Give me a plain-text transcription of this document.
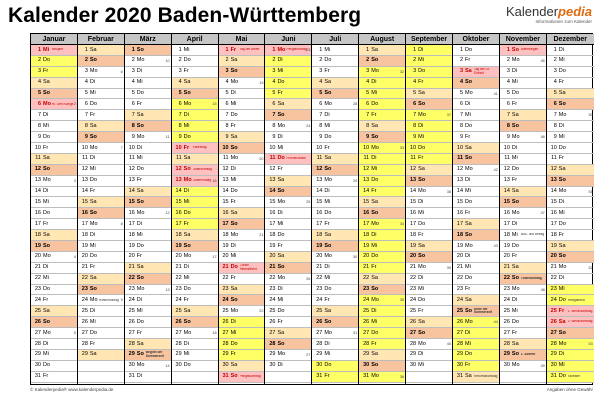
Kalender 2020 Baden-Württemberg	Kalenderpedia
Informationen zum Kalender
Januar
1 Mi Neujahr
2 Do
3 Fr
4 Sa
5 So
6 Mo Hl. Drei Könige 2
7 Di
8 Mi
9 Do
10 Fr
11 Sa
12 So
13 Mo	3
14 Di
15 Mi
16 Do
17 Fr
18 Sa
19 So
20 Mo	4
21 Di
22 Mi
23 Do
24 Fr
25 Sa
26 So
27 Mo	5
28 Di
29 Mi
30 Do
31 Fr
Februar
1 Sa
2 So
3 Mo	6
4 Di
5 Mi
6 Do
7 Fr
8 Sa
9 So
10 Mo	7
11 Di
12 Mi
13 Do
14 Fr
15 Sa
16 So
17 Mo	8
18 Di
19 Mi
20 Do
21 Fr
22 Sa
23 So
24 Mo Rosenmontag 9
25 Di
26 Mi
27 Do
28 Fr
29 Sa
März
1 So
2 Mo	10
3 Di
4 Mi
5 Do
6 Fr
7 Sa
8 So
9 Mo	11
10 Di
11 Mi
12 Do
13 Fr
14 Sa
15 So
16 Mo	12
17 Di
18 Mi
19 Do
20 Fr
21 Sa
22 So
23 Mo	13
24 Di
25 Mi
26 Do
27 Fr
28 Sa
29 So Beginn der Sommerzeit
30 Mo	14
31 Di
April
1 Mi
2 Do
3 Fr
4 Sa
5 So
6 Mo	15
7 Di
8 Mi
9 Do
10 Fr	Karfreitag
11 Sa
12 So Ostersonntag
13 Mo Ostermontag 16
14 Di
15 Mi
16 Do
17 Fr
18 Sa
19 So
20 Mo	17
21 Di
22 Mi
23 Do
24 Fr
25 Sa
26 So
27 Mo	18
28 Di
29 Mi
30 Do
Mai
1 Fr	Tag der Arbeit
2 Sa
3 So
4 Mo	19
5 Di
6 Mi
7 Do
8 Fr
9 Sa
10 So
11 Mo	20
12 Di
13 Mi
14 Do
15 Fr
16 Sa
17 So
18 Mo	21
19 Di
20 Mi
21 Do Christi Himmelfahrt
22 Fr
23 Sa
24 So
25 Mo	22
26 Di
27 Mi
28 Do
29 Fr
30 Sa
31 So Pfingstsonntag
Juni
1 Mo Pfingstmontag 23
2 Di
3 Mi
4 Do
5 Fr
6 Sa
7 So
8 Mo	24
9 Di
10 Mi
11 Do Fronleichnam
12 Fr
13 Sa
14 So
15 Mo	25
16 Di
17 Mi
18 Do
19 Fr
20 Sa
21 So
22 Mo	26
23 Di
24 Mi
25 Do
26 Fr
27 Sa
28 So
29 Mo	27
30 Di
Juli
1 Mi
2 Do
3 Fr
4 Sa
5 So
6 Mo	28
7 Di
8 Mi
9 Do
10 Fr
11 Sa
12 So
13 Mo	29
14 Di
15 Mi
16 Do
17 Fr
18 Sa
19 So
20 Mo	30
21 Di
22 Mi
23 Do
24 Fr
25 Sa
26 So
27 Mo	31
28 Di
29 Mi
30 Do
31 Fr
August
1 Sa
2 So
3 Mo	32
4 Di
5 Mi
6 Do
7 Fr
8 Sa
9 So
10 Mo	33
11 Di
12 Mi
13 Do
14 Fr
15 Sa
16 So
17 Mo	34
18 Di
19 Mi
20 Do
21 Fr
22 Sa
23 So
24 Mo	35
25 Di
26 Mi
27 Do
28 Fr
29 Sa
30 So
31 Mo	36
September
1 Di
2 Mi
3 Do
4 Fr
5 Sa
6 So
7 Mo	37
8 Di
9 Mi
10 Do
11 Fr
12 Sa
13 So
14 Mo	38
15 Di
16 Mi
17 Do
18 Fr
19 Sa
20 So
21 Mo	39
22 Di
23 Mi
24 Do
25 Fr
26 Sa
27 So
28 Mo	40
29 Di
30 Mi
Oktober
1 Do
2 Fr
3 Sa Tag der Dt. Einheit
4 So
5 Mo	41
6 Di
7 Mi
8 Do
9 Fr
10 Sa
11 So
12 Mo	42
13 Di
14 Mi
15 Do
16 Fr
17 Sa
18 So
19 Mo	43
20 Di
21 Mi
22 Do
23 Fr
24 Sa
25 So Ende der Sommerzeit
26 Mo	44
27 Di
28 Mi
29 Do
30 Fr
31 Sa Reformationstag
November
1 So Allerheiligen
2 Mo	45
3 Di
4 Mi
5 Do
6 Fr
7 Sa
8 So
9 Mo	46
10 Di
11 Mi
12 Do
13 Fr
14 Sa
15 So
16 Mo	47
17 Di
18 Mi Buß- und Bettag
19 Do
20 Fr
21 Sa
22 So Totensonntag
23 Mo	48
24 Di
25 Mi
26 Do
27 Fr
28 Sa
29 So 1. Advent
30 Mo	49
Dezember
1 Di
2 Mi
3 Do
4 Fr
5 Sa
6 So
7 Mo	50
8 Di
9 Mi
10 Do
11 Fr
12 Sa
13 So
14 Mo	51
15 Di
16 Mi
17 Do
18 Fr
19 Sa
20 So
21 Mo	52
22 Di
23 Mi
24 Do Heiligabend
25 Fr	1. Weihnachtstag
26 Sa 2. Weihnachtstag
27 So
28 Mo	53
29 Di
30 Mi
31 Do Silvester
© Kalenderpedia® www.kalenderpedia.de	Angaben ohne Gewähr
